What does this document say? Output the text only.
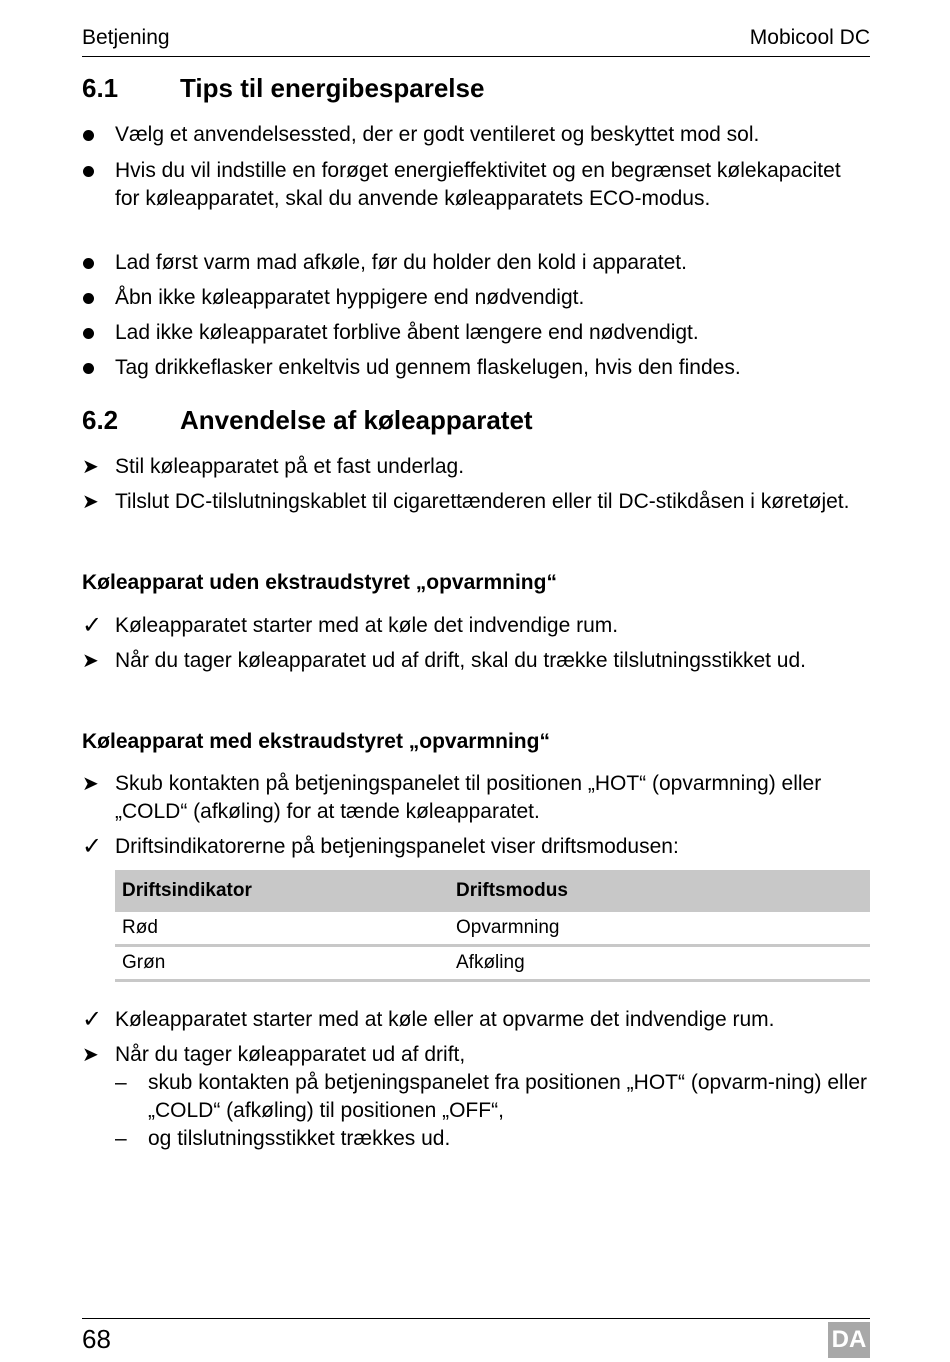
Betjening	Mobicool DC
6.1 Tips til energibesparelse
Vælg et anvendelsessted, der er godt ventileret og beskyttet mod sol.
Hvis du vil indstille en forøget energieffektivitet og en begrænset kølekapacitet for køleapparatet, skal du anvende køleapparatets ECO-modus.
Lad først varm mad afkøle, før du holder den kold i apparatet.
Åbn ikke køleapparatet hyppigere end nødvendigt.
Lad ikke køleapparatet forblive åbent længere end nødvendigt.
Tag drikkeflasker enkeltvis ud gennem flaskelugen, hvis den findes.
6.2 Anvendelse af køleapparatet
➤ Stil køleapparatet på et fast underlag.
➤ Tilslut DC-tilslutningskablet til cigarettænderen eller til DC-stikdåsen i køretøjet.
Køleapparat uden ekstraudstyret „opvarmning“
✓ Køleapparatet starter med at køle det indvendige rum.
➤ Når du tager køleapparatet ud af drift, skal du trække tilslutningsstikket ud.
Køleapparat med ekstraudstyret „opvarmning“
➤ Skub kontakten på betjeningspanelet til positionen „HOT“ (opvarmning) eller „COLD“ (afkøling) for at tænde køleapparatet.
✓ Driftsindikatorerne på betjeningspanelet viser driftsmodusen:
Driftsindikator	Driftsmodus
Rød	Opvarmning
Grøn	Afkøling
✓ Køleapparatet starter med at køle eller at opvarme det indvendige rum.
➤ Når du tager køleapparatet ud af drift,
– skub kontakten på betjeningspanelet fra positionen „HOT“ (opvarm-ning) eller „COLD“ (afkøling) til positionen „OFF“,
– og tilslutningsstikket trækkes ud.
68	DA
